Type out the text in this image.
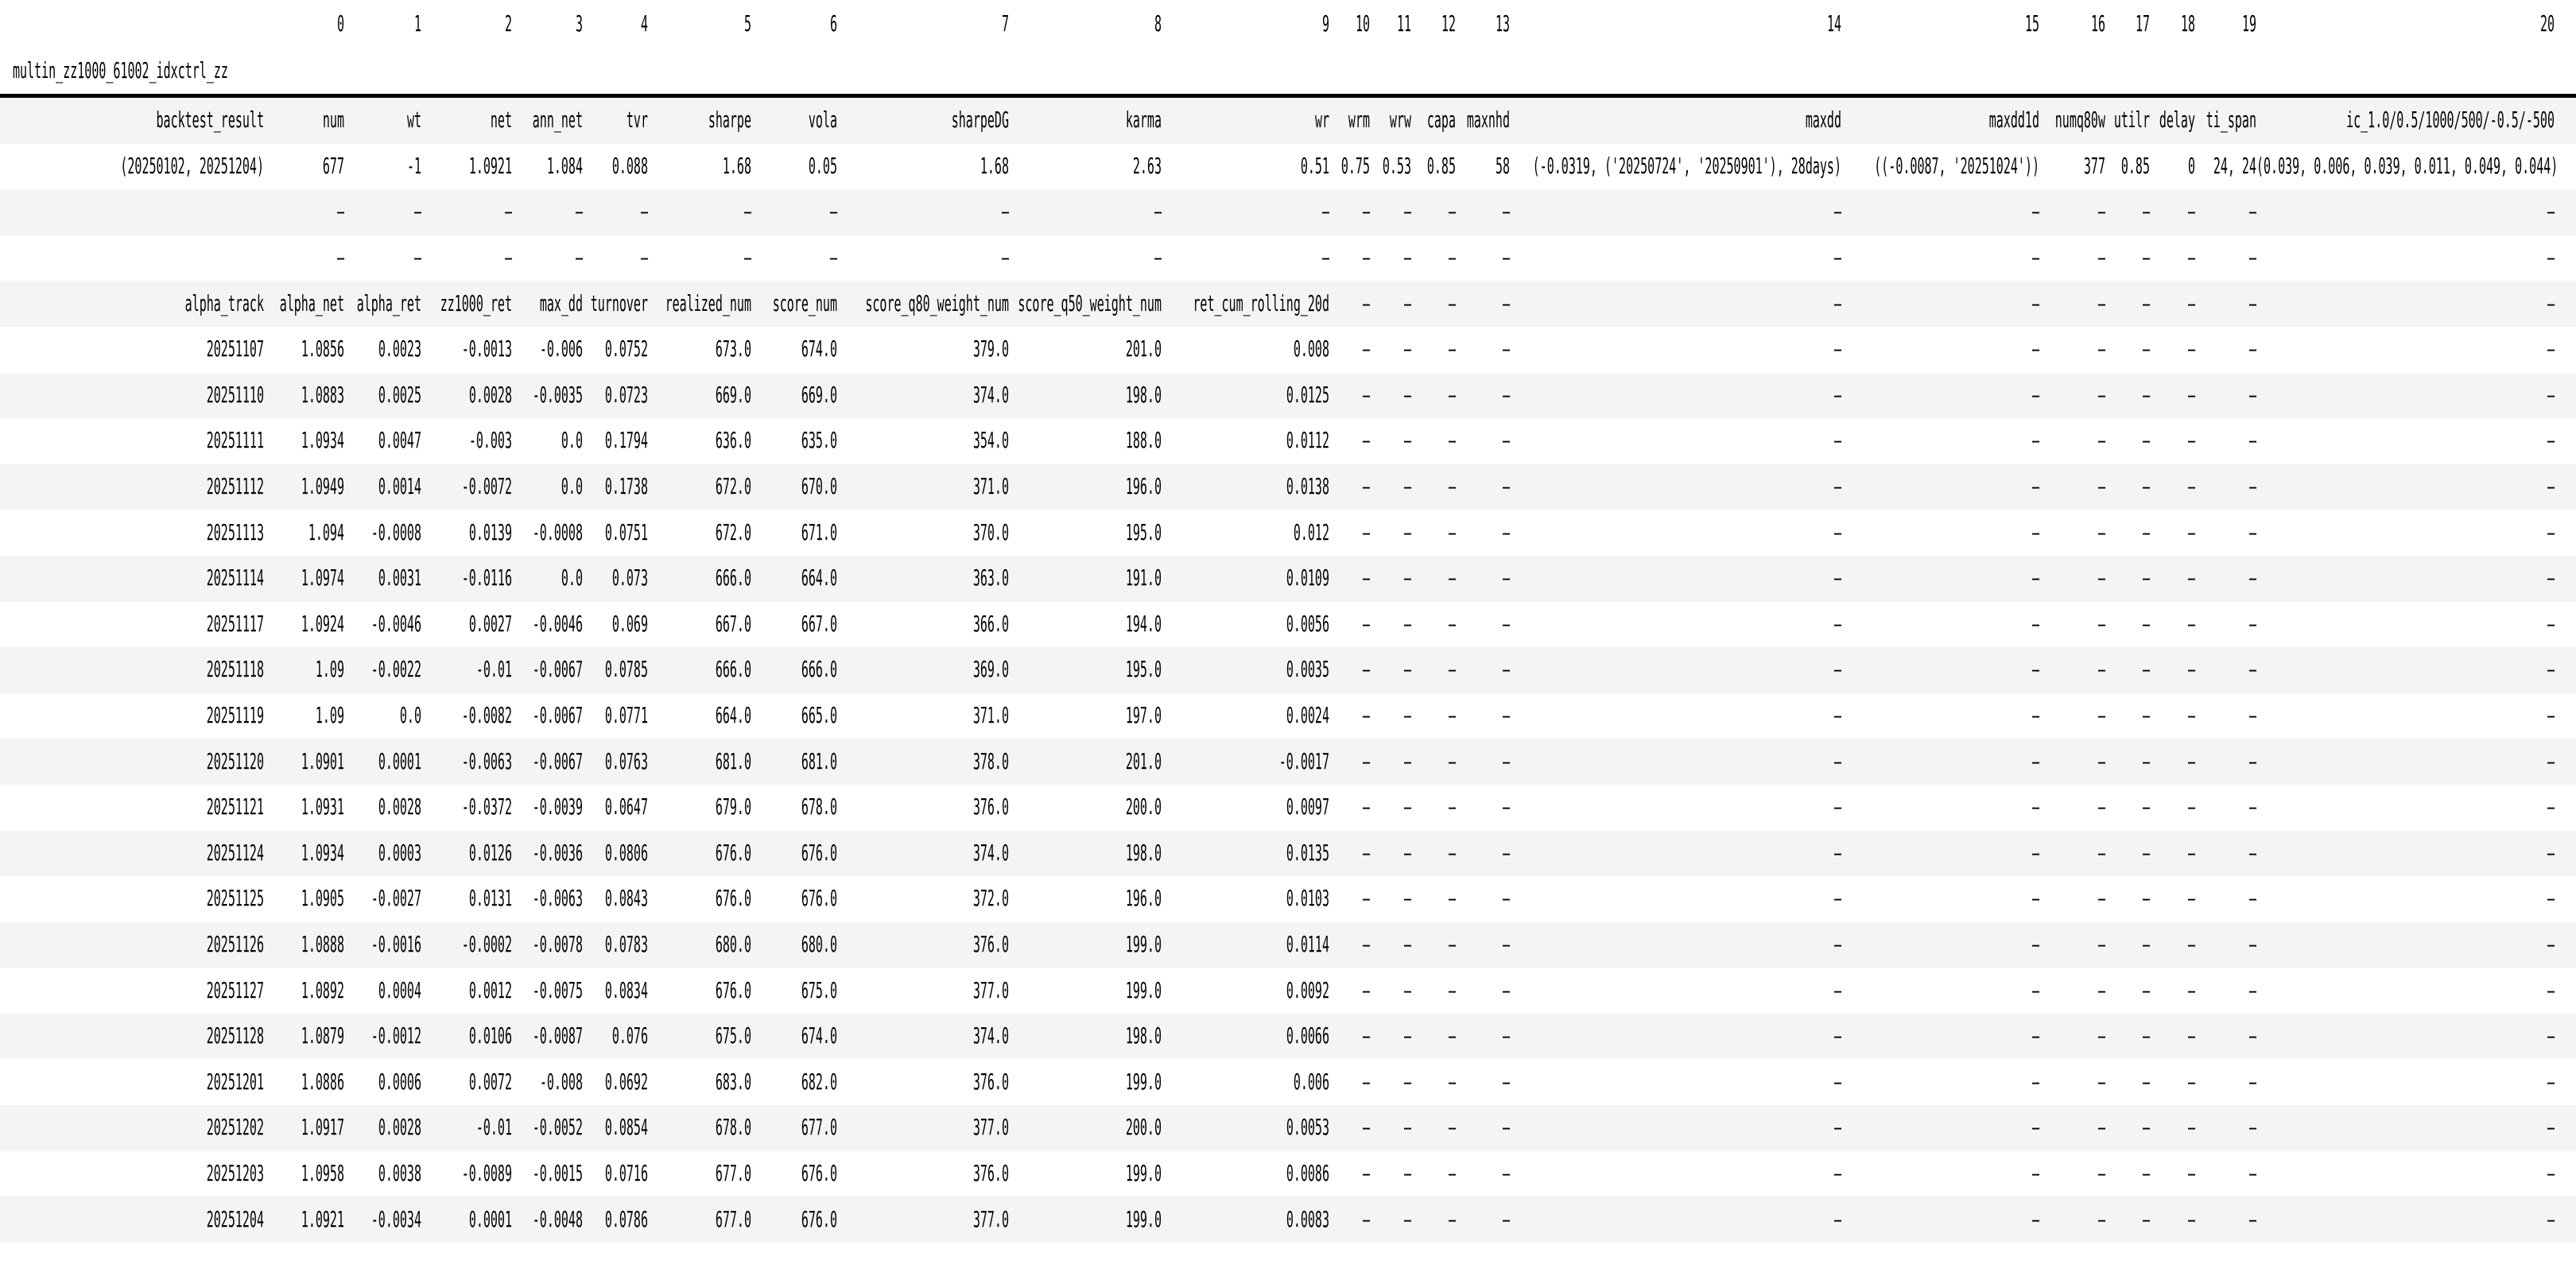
	0	1	2	3	4	5	6	7	8	9	10	11	12	13	14	15	16	17	18	19	20	
multin_zz1000_61002_idxctrl_zz																						
backtest_result	num	wt	net	ann_net	tvr	sharpe	vola	sharpeDG	karma	wr	wrm	wrw	capa	maxnhd	maxdd	maxdd1d	numq80w	utilr	delay	ti_span	ic_1.0/0.5/1000/500/-0.5/-500	
(20250102, 20251204)	677	-1	1.0921	1.084	0.088	1.68	0.05	1.68	2.63	0.51	0.75	0.53	0.85	58	(-0.0319, ('20250724', '20250901'), 28days)	((-0.0087, '20251024'))	377	0.85	0	24, 24	(0.039, 0.006, 0.039, 0.011, 0.049, 0.044)	
	—	—	—	—	—	—	—	—	—	—	—	—	—	—	—	—	—	—	—	—	—	
	—	—	—	—	—	—	—	—	—	—	—	—	—	—	—	—	—	—	—	—	—	
alpha_track	alpha_net	alpha_ret	zz1000_ret	max_dd	turnover	realized_num	score_num	score_q80_weight_num	score_q50_weight_num	ret_cum_rolling_20d	—	—	—	—	—	—	—	—	—	—	—	
20251107	1.0856	0.0023	-0.0013	-0.006	0.0752	673.0	674.0	379.0	201.0	0.008	—	—	—	—	—	—	—	—	—	—	—	
20251110	1.0883	0.0025	0.0028	-0.0035	0.0723	669.0	669.0	374.0	198.0	0.0125	—	—	—	—	—	—	—	—	—	—	—	
20251111	1.0934	0.0047	-0.003	0.0	0.1794	636.0	635.0	354.0	188.0	0.0112	—	—	—	—	—	—	—	—	—	—	—	
20251112	1.0949	0.0014	-0.0072	0.0	0.1738	672.0	670.0	371.0	196.0	0.0138	—	—	—	—	—	—	—	—	—	—	—	
20251113	1.094	-0.0008	0.0139	-0.0008	0.0751	672.0	671.0	370.0	195.0	0.012	—	—	—	—	—	—	—	—	—	—	—	
20251114	1.0974	0.0031	-0.0116	0.0	0.073	666.0	664.0	363.0	191.0	0.0109	—	—	—	—	—	—	—	—	—	—	—	
20251117	1.0924	-0.0046	0.0027	-0.0046	0.069	667.0	667.0	366.0	194.0	0.0056	—	—	—	—	—	—	—	—	—	—	—	
20251118	1.09	-0.0022	-0.01	-0.0067	0.0785	666.0	666.0	369.0	195.0	0.0035	—	—	—	—	—	—	—	—	—	—	—	
20251119	1.09	0.0	-0.0082	-0.0067	0.0771	664.0	665.0	371.0	197.0	0.0024	—	—	—	—	—	—	—	—	—	—	—	
20251120	1.0901	0.0001	-0.0063	-0.0067	0.0763	681.0	681.0	378.0	201.0	-0.0017	—	—	—	—	—	—	—	—	—	—	—	
20251121	1.0931	0.0028	-0.0372	-0.0039	0.0647	679.0	678.0	376.0	200.0	0.0097	—	—	—	—	—	—	—	—	—	—	—	
20251124	1.0934	0.0003	0.0126	-0.0036	0.0806	676.0	676.0	374.0	198.0	0.0135	—	—	—	—	—	—	—	—	—	—	—	
20251125	1.0905	-0.0027	0.0131	-0.0063	0.0843	676.0	676.0	372.0	196.0	0.0103	—	—	—	—	—	—	—	—	—	—	—	
20251126	1.0888	-0.0016	-0.0002	-0.0078	0.0783	680.0	680.0	376.0	199.0	0.0114	—	—	—	—	—	—	—	—	—	—	—	
20251127	1.0892	0.0004	0.0012	-0.0075	0.0834	676.0	675.0	377.0	199.0	0.0092	—	—	—	—	—	—	—	—	—	—	—	
20251128	1.0879	-0.0012	0.0106	-0.0087	0.076	675.0	674.0	374.0	198.0	0.0066	—	—	—	—	—	—	—	—	—	—	—	
20251201	1.0886	0.0006	0.0072	-0.008	0.0692	683.0	682.0	376.0	199.0	0.006	—	—	—	—	—	—	—	—	—	—	—	
20251202	1.0917	0.0028	-0.01	-0.0052	0.0854	678.0	677.0	377.0	200.0	0.0053	—	—	—	—	—	—	—	—	—	—	—	
20251203	1.0958	0.0038	-0.0089	-0.0015	0.0716	677.0	676.0	376.0	199.0	0.0086	—	—	—	—	—	—	—	—	—	—	—	
20251204	1.0921	-0.0034	0.0001	-0.0048	0.0786	677.0	676.0	377.0	199.0	0.0083	—	—	—	—	—	—	—	—	—	—	—	
